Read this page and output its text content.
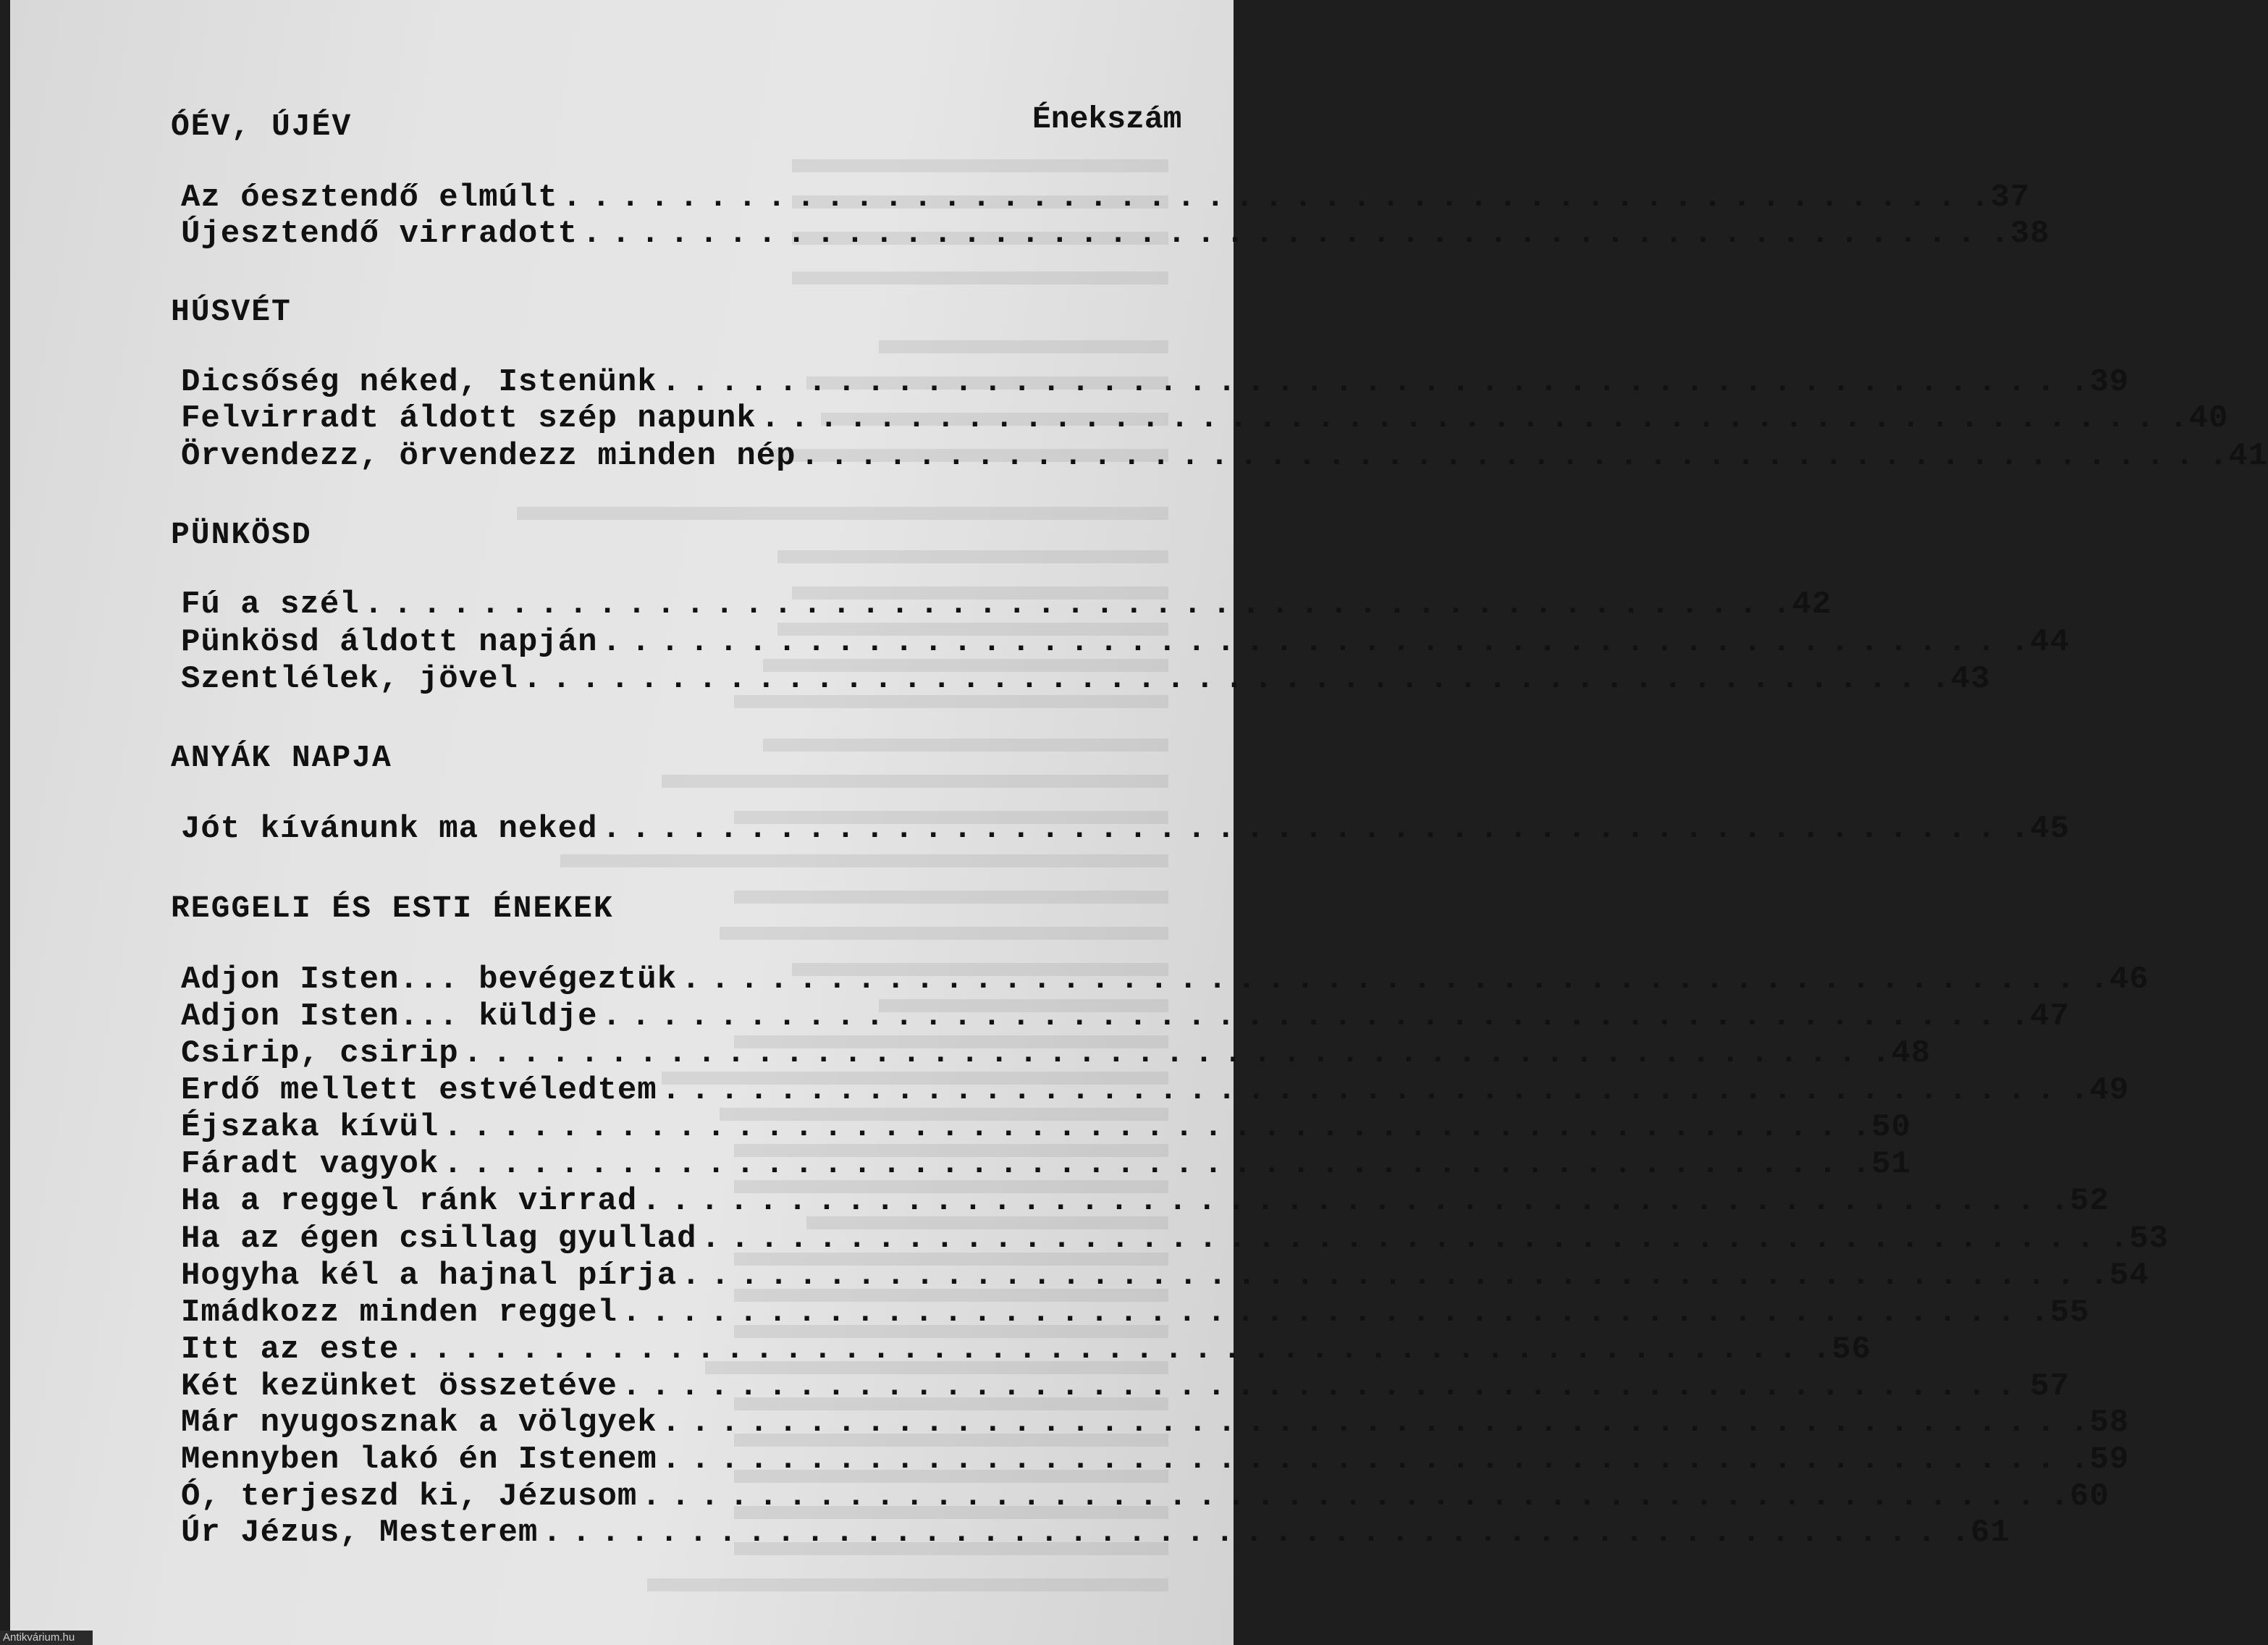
ÓÉV, ÚJÉV	Énekszám
Az óesztendő elmúlt ................................................ .37
Újesztendő virradott ................................................ .38
HÚSVÉT
Dicsőség néked, Istenünk ................................................ .39
Felvirradt áldott szép napunk ................................................ .40
Örvendezz, örvendezz minden nép ................................................ .41
PÜNKÖSD
Fú a szél ................................................ .42
Pünkösd áldott napján ................................................ .44
Szentlélek, jövel ................................................ .43
ANYÁK NAPJA
Jót kívánunk ma neked ................................................ .45
REGGELI ÉS ESTI ÉNEKEK
Adjon Isten... bevégeztük ................................................ .46
Adjon Isten... küldje ................................................ .47
Csirip, csirip ................................................ .48
Erdő mellett estvéledtem ................................................ .49
Éjszaka kívül ................................................ .50
Fáradt vagyok ................................................ .51
Ha a reggel ránk virrad ................................................ .52
Ha az égen csillag gyullad ................................................ .53
Hogyha kél a hajnal pírja ................................................ .54
Imádkozz minden reggel ................................................ .55
Itt az este ................................................ .56
Két kezünket összetéve ................................................ 57
Már nyugosznak a völgyek ................................................ .58
Mennyben lakó én Istenem ................................................ .59
Ó, terjeszd ki, Jézusom ................................................ .60
Úr Jézus, Mesterem ................................................ .61
Antikvárium.hu
